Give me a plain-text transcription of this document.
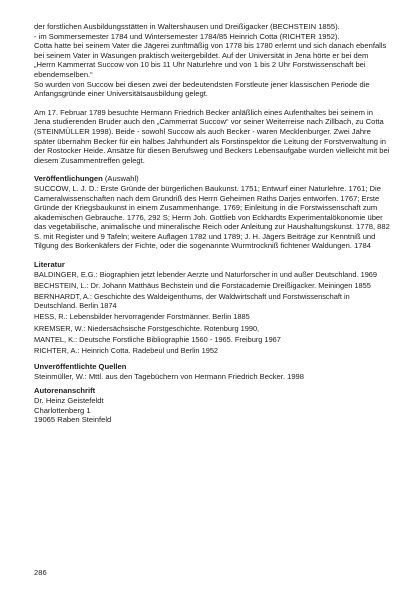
der forstlichen Ausbildungsstätten in Waltershausen und Dreißigacker (BECHSTEIN 1855).

- im Sommersemester 1784 und Wintersemester 1784/85 Heinrich Cotta (RICHTER 1952).

Cotta hatte bei seinem Vater die Jägerei zunftmäßig von 1778 bis 1780 erlernt und sich danach ebenfalls bei seinem Vater in Wasungen praktisch weitergebildet. Auf der Universität in Jena hörte er bei dem „Herrn Kammerrat Succow von 10 bis 11 Uhr Naturlehre und von 1 bis 2 Uhr Forstwissenschaft bei ebendemselben.“

So wurden von Succow bei diesen zwei der bedeutendsten Forstleute jener klassischen Periode die Anfangsgründe einer Universitätsausbildung gelegt.

Am 17. Februar 1789 besuchte Hermann Friedrich Becker anläßlich eines Aufenthaltes bei seinem in Jena studierenden Bruder auch den „Cammerrat Succow“ vor seiner Weiterreise nach Zillbach, zu Cotta (STEINMÜLLER 1998). Beide - sowohl Succow als auch Becker - waren Mecklenburger. Zwei Jahre später übernahm Becker für ein halbes Jahrhundert als Forstinspektor die Leitung der Forstverwaltung in der Rostocker Heide. Ansätze für diesen Berufsweg und Beckers Lebensaufgabe wurden vielleicht mit bei diesem Zusammentreffen gelegt.

Veröffentlichungen (Auswahl)

SUCCOW, L. J. D.: Erste Gründe der bürgerlichen Baukunst. 1751; Entwurf einer Naturlehre. 1761; Die Cameralwissenschaften nach dem Grundriß des Herrn Geheimen Raths Darjes entworfen. 1767; Erste Gründe der Kriegsbaukunst in einem Zusammenhange. 1769; Einleitung in die Forstwissenschaft zum akademischen Gebrauche. 1776, 292 S; Herrn Joh. Gottlieb von Eckhardts Experimentalökonomie über das vegetabilische, animalische und mineralische Reich oder Anleitung zur Haushaltungskunst. 1778, 882 S. mit Register und 9 Tafeln; weitere Auflagen 1782 und 1789; J. H. Jägers Beiträge zur Kenntniß und Tilgung des Borkenkäfers der Fichte, oder die sogenannte Wurmtrockniß fichtener Waldungen. 1784

Literatur

BALDINGER, E.G.: Biographien jetzt lebender Aerzte und Naturforscher in und außer Deutschland. 1969

BECHSTEIN, L.: Dr. Johann Matthäus Bechstein und die Forstacademie Dreißigacker. Meiningen 1855

BERNHARDT, A.: Geschichte des Waldeigenthums, der Waldwirtschaft und Forstwissenschaft in Deutschland. Berlin 1874

HESS, R.: Lebensbilder hervorragender Forstmänner. Berlin 1885

KREMSER, W.: Niedersächsische Forstgeschichte. Rotenburg 1990,

MANTEL, K.: Deutsche Forstliche Bibliographie 1560 - 1965. Freiburg 1967

RICHTER, A.: Heinrich Cotta. Radebeul und Berlin 1952

Unveröffentlichte Quellen

Steinmüller, W.: Mttl. aus den Tagebüchern von Hermann Friedrich Becker. 1998

Autorenanschrift

Dr. Heinz Geistefeldt

Charlottenberg 1

19065 Raben Steinfeld

286
